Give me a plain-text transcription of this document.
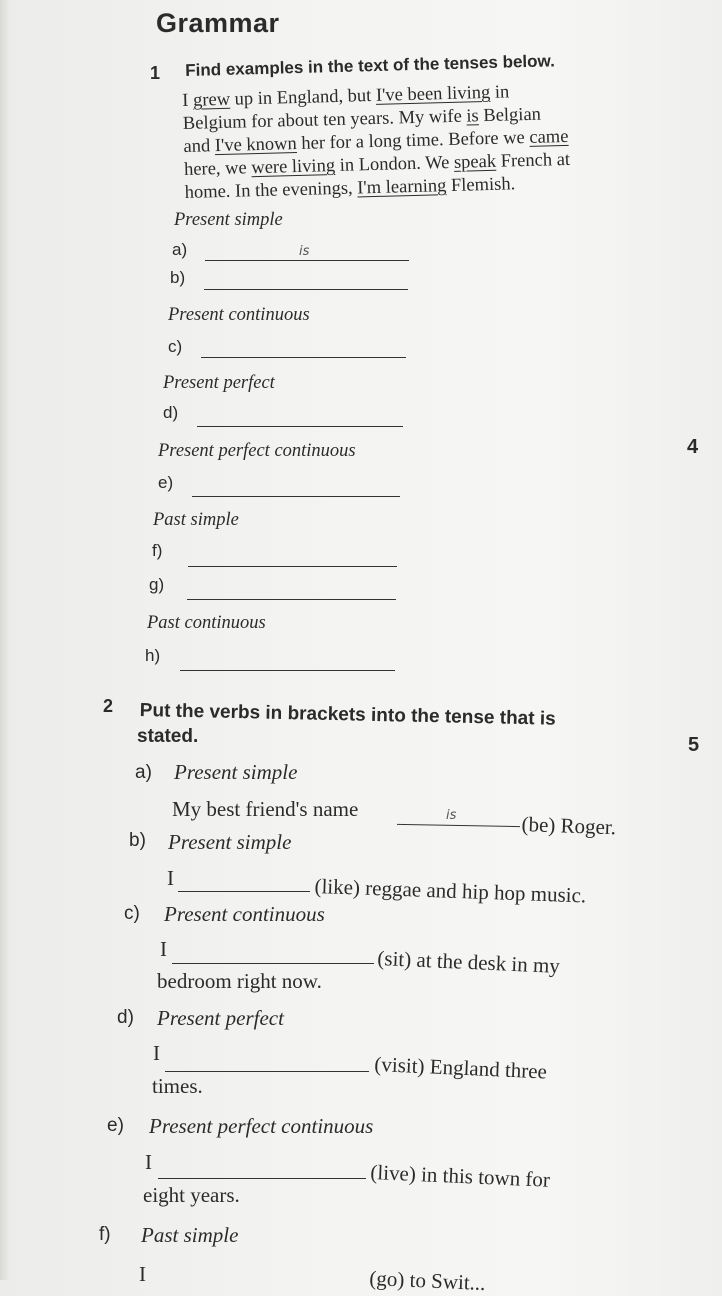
Grammar
1 Find examples in the text of the tenses below.
I grew up in England, but I've been living in
Belgium for about ten years. My wife is Belgian
and I've known her for a long time. Before we came
here, we were living in London. We speak French at
home. In the evenings, I'm learning Flemish.
Present simple
a)	is
b)
Present continuous
c)
Present perfect
d)
4
Present perfect continuous
e)
Past simple
f)
g)
Past continuous
h)
2 Put the verbs in brackets into the tense that is
stated.	5
a) Present simple
My best friend's name	is	(be) Roger.
b) Present simple
I	(like) reggae and hip hop music.
c) Present continuous
I	(sit) at the desk in my
bedroom right now.
d) Present perfect
I	(visit) England three
times.
e) Present perfect continuous
I	(live) in this town for
eight years.
f) Past simple
I	(go) to Swit...
